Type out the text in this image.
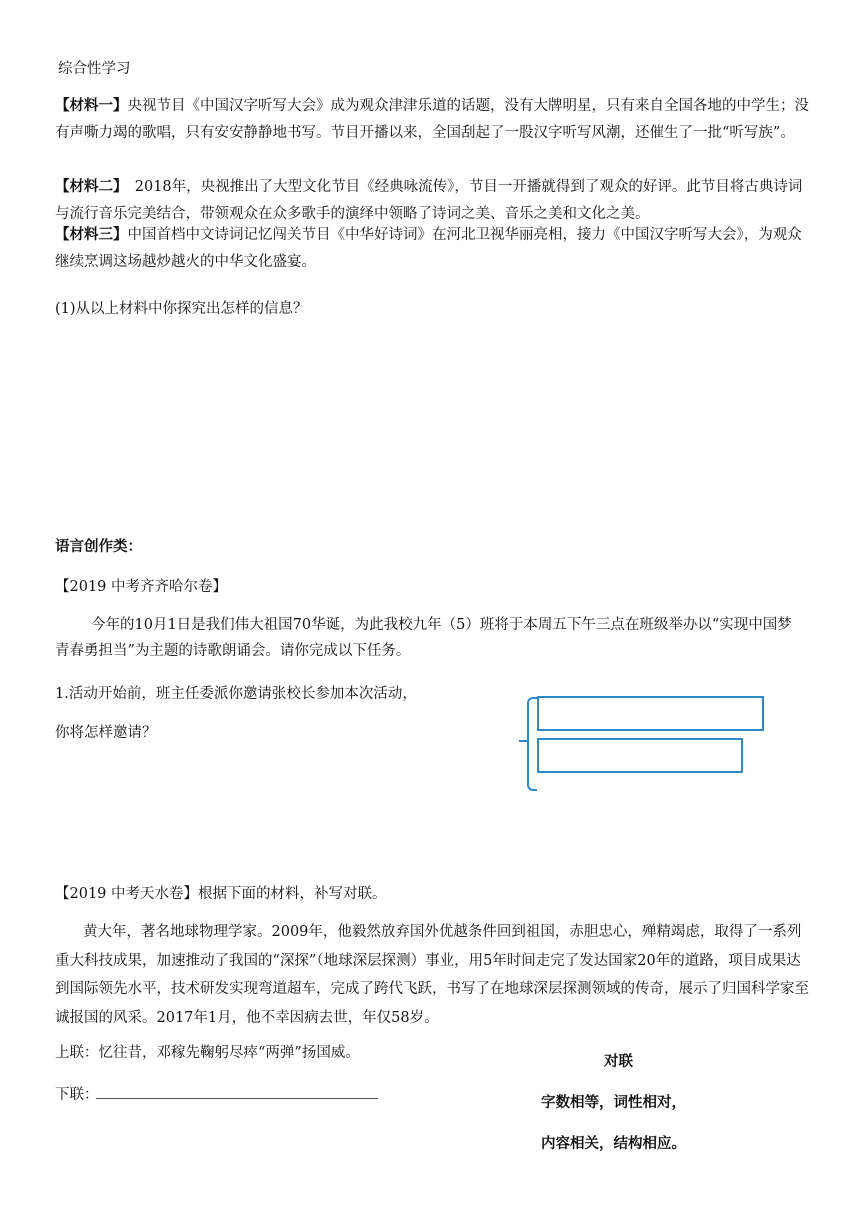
综合性学习
【材料一】央视节目《中国汉字听写大会》成为观众津津乐道的话题，没有大牌明星，只有来自全国各地的中学生；没有声嘶力竭的歌唱，只有安安静静地书写。节目开播以来，全国刮起了一股汉字听写风潮，还催生了一批“听写族”。
【材料二】　2018年，央视推出了大型文化节目《经典咏流传》，节目一开播就得到了观众的好评。此节目将古典诗词与流行音乐完美结合，带领观众在众多歌手的演绎中领略了诗词之美、音乐之美和文化之美。
【材料三】中国首档中文诗词记忆闯关节目《中华好诗词》在河北卫视华丽亮相，接力《中国汉字听写大会》，为观众继续烹调这场越炒越火的中华文化盛宴。
(1)从以上材料中你探究出怎样的信息？
语言创作类：
【2019 中考齐齐哈尔卷】
今年的10月1日是我们伟大祖国70华诞，为此我校九年（5）班将于本周五下午三点在班级举办以“实现中国梦　青春勇担当”为主题的诗歌朗诵会。请你完成以下任务。
1.活动开始前，班主任委派你邀请张校长参加本次活动，
你将怎样邀请？
【2019 中考天水卷】根据下面的材料，补写对联。
黄大年，著名地球物理学家。2009年，他毅然放弃国外优越条件回到祖国，赤胆忠心，殚精竭虑，取得了一系列重大科技成果，加速推动了我国的“深探”（地球深层探测）事业，用5年时间走完了发达国家20年的道路，项目成果达到国际领先水平，技术研发实现弯道超车，完成了跨代飞跃，书写了在地球深层探测领域的传奇，展示了归国科学家至诚报国的风采。2017年1月，他不幸因病去世，年仅58岁。
上联：忆往昔，邓稼先鞠躬尽瘁“两弹”扬国威。
下联：
对联
字数相等，词性相对，
内容相关，结构相应。
